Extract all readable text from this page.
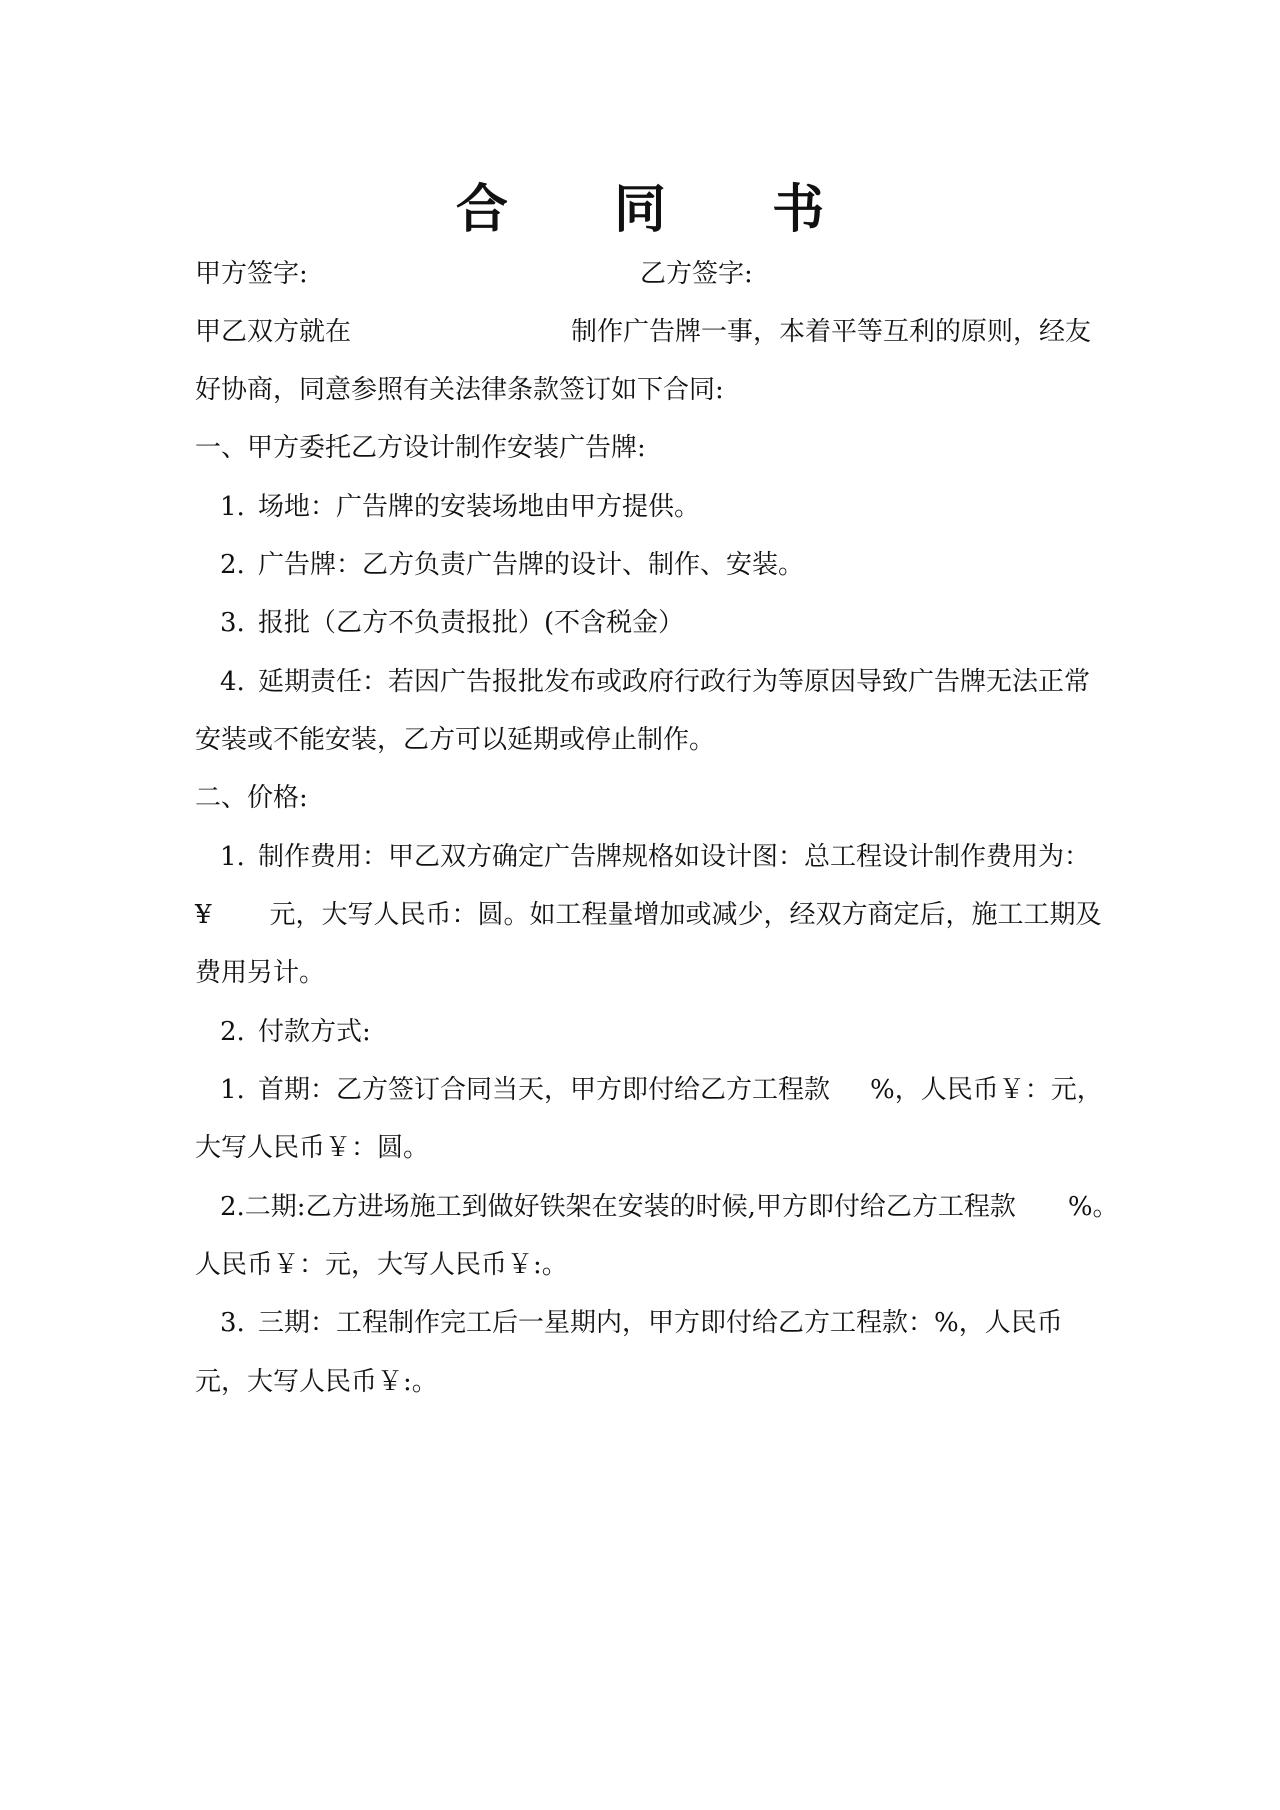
合 同 书

甲方签字:	乙方签字:

甲乙双方就在	制作广告牌一事，本着平等互利的原则，经友

好协商，同意参照有关法律条款签订如下合同:

一、甲方委托乙方设计制作安装广告牌:

1. 场地：广告牌的安装场地由甲方提供。

2. 广告牌：乙方负责广告牌的设计、制作、安装。

3. 报批（乙方不负责报批）(不含税金）

4. 延期责任：若因广告报批发布或政府行政行为等原因导致广告牌无法正常

安装或不能安装，乙方可以延期或停止制作。

二、价格:

1. 制作费用：甲乙双方确定广告牌规格如设计图：总工程设计制作费用为：

¥ 元，大写人民币：圆。如工程量增加或减少，经双方商定后，施工工期及

费用另计。

2. 付款方式:

1. 首期：乙方签订合同当天，甲方即付给乙方工程款 %，人民币￥：元，

大写人民币￥：圆。

2.二期:乙方进场施工到做好铁架在安装的时候,甲方即付给乙方工程款 %。

人民币￥：元，大写人民币￥:。

3. 三期：工程制作完工后一星期内，甲方即付给乙方工程款：%，人民币

元，大写人民币￥:。
